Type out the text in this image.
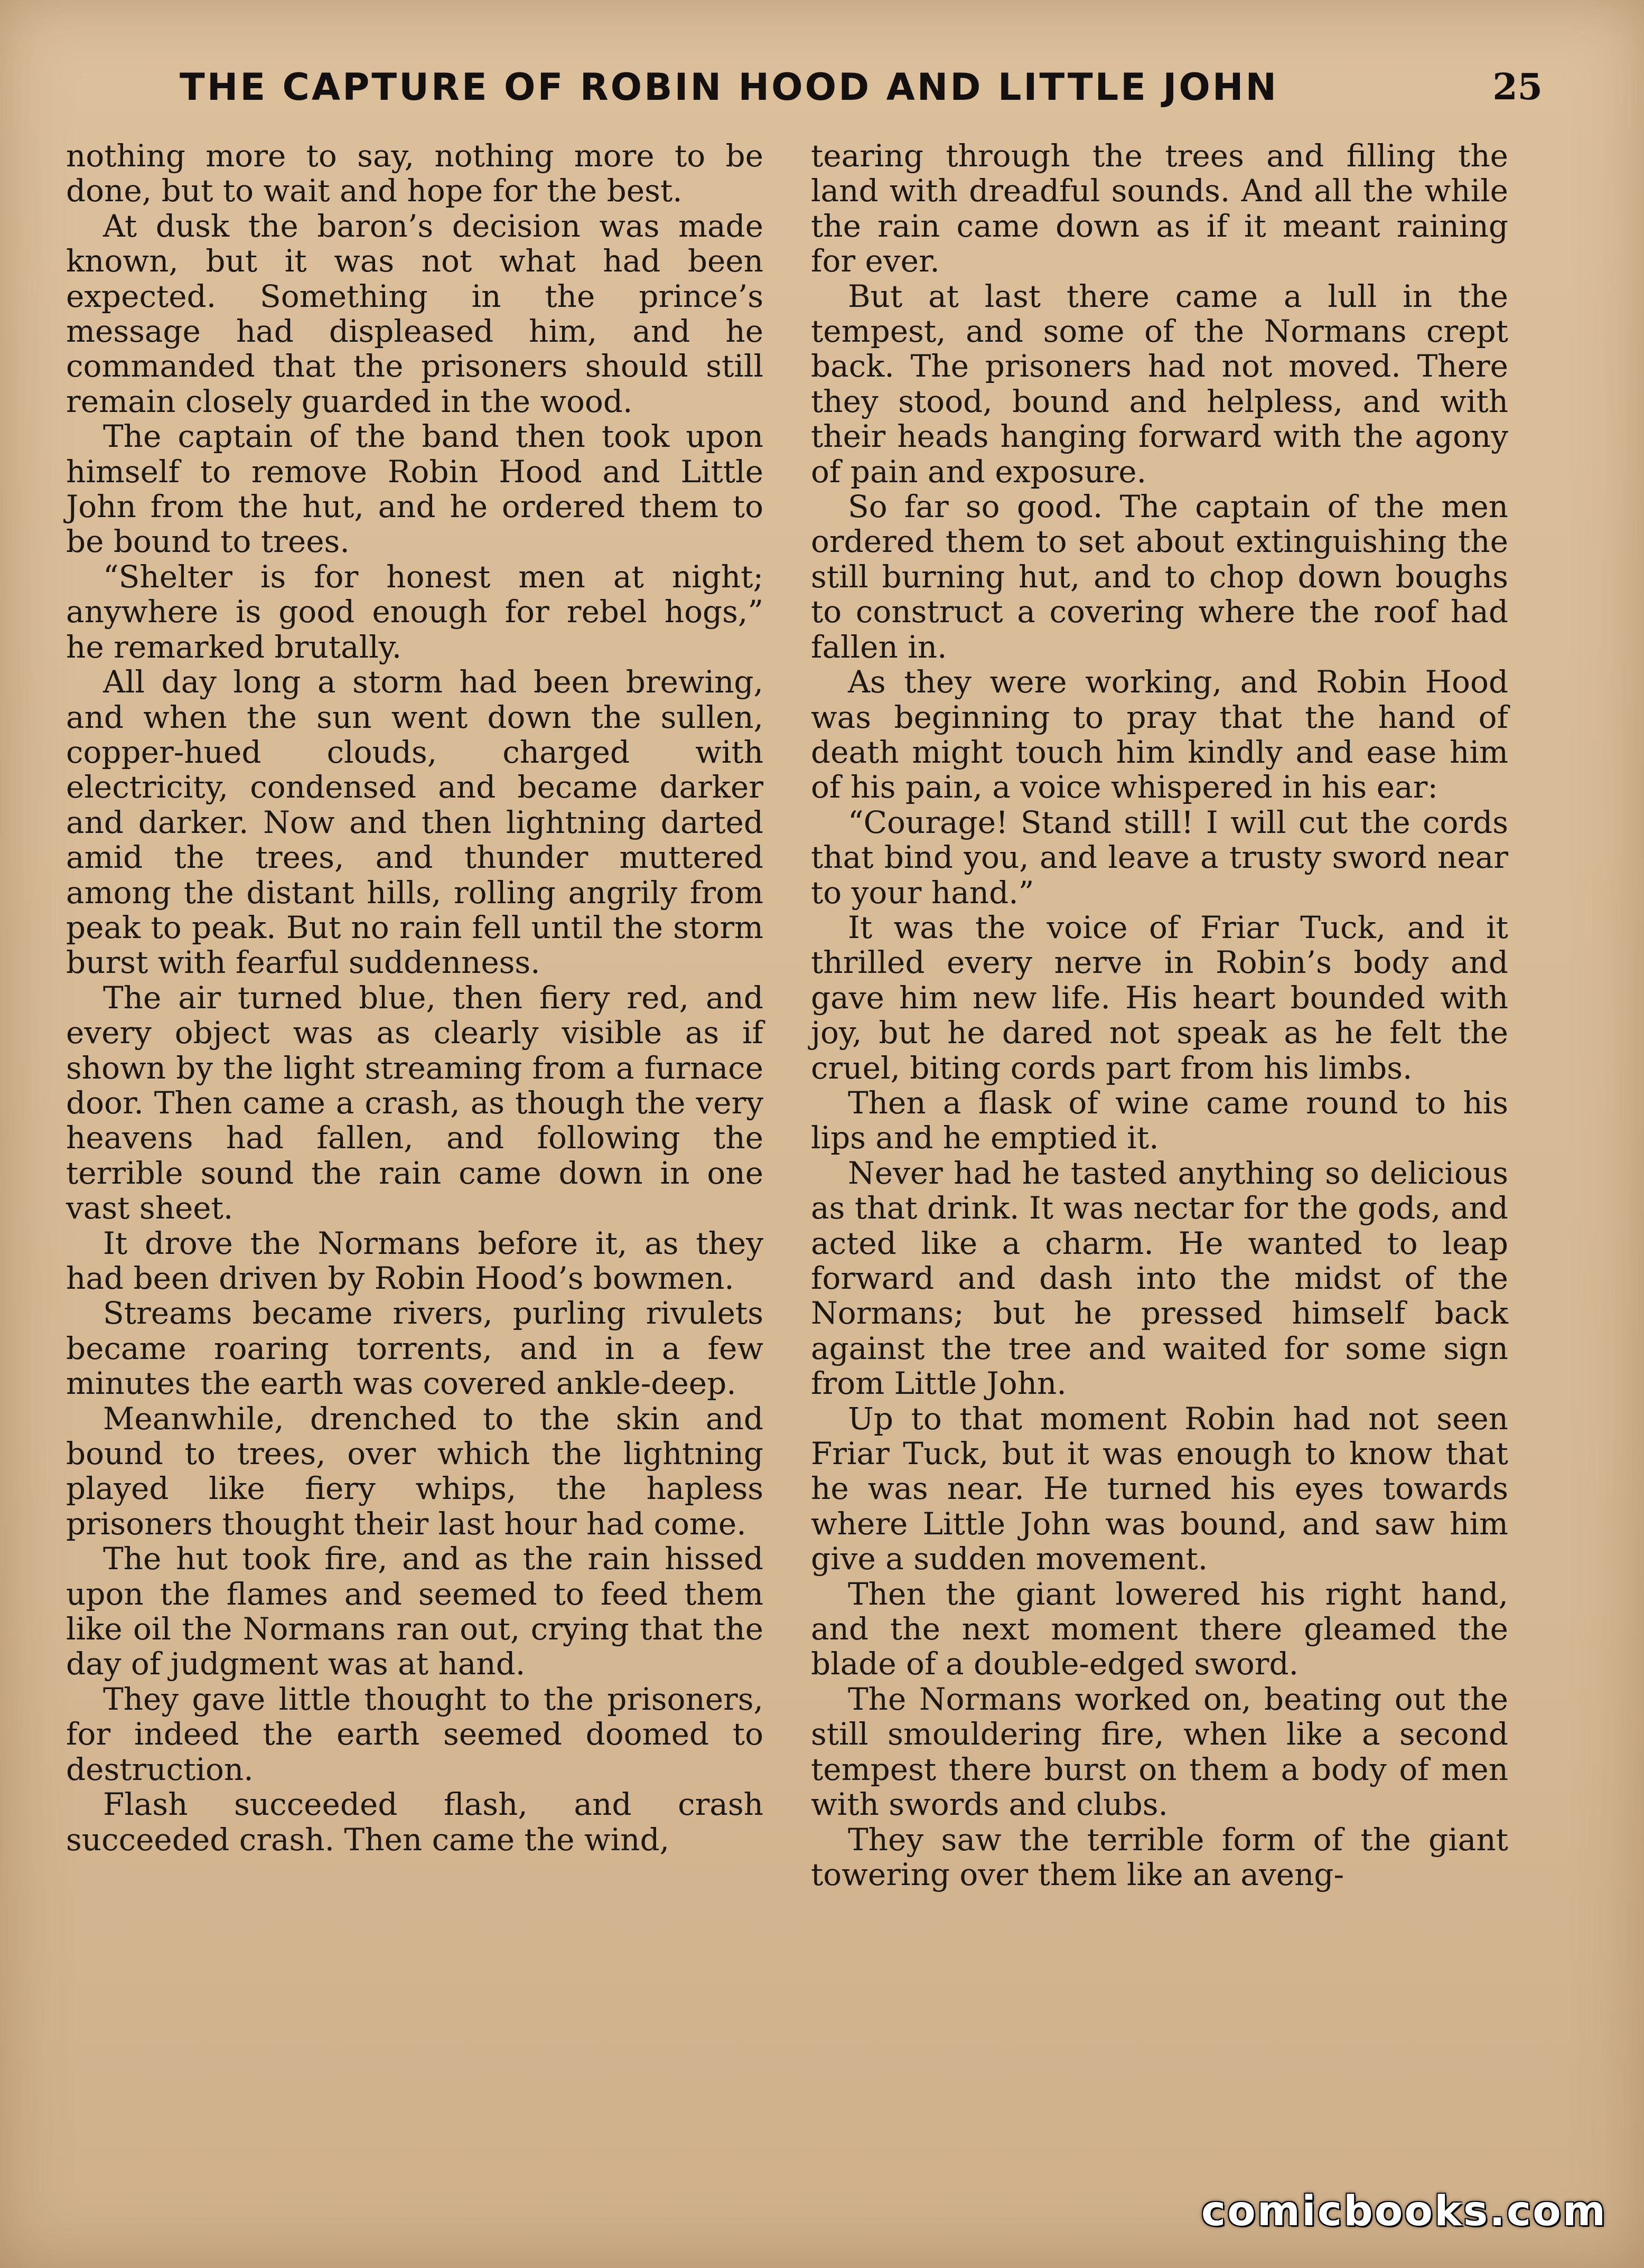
THE CAPTURE OF ROBIN HOOD AND LITTLE JOHN	25

nothing more to say, nothing more to be done, but to wait and hope for the best.

At dusk the baron’s decision was made known, but it was not what had been expected. Something in the prince’s message had displeased him, and he commanded that the prisoners should still remain closely guarded in the wood.

The captain of the band then took upon himself to remove Robin Hood and Little John from the hut, and he ordered them to be bound to trees.

“Shelter is for honest men at night; anywhere is good enough for rebel hogs,” he remarked brutally.

All day long a storm had been brewing, and when the sun went down the sullen, copper-hued clouds, charged with electricity, condensed and became darker and darker. Now and then lightning darted amid the trees, and thunder muttered among the distant hills, rolling angrily from peak to peak. But no rain fell until the storm burst with fearful suddenness.

The air turned blue, then fiery red, and every object was as clearly visible as if shown by the light streaming from a furnace door. Then came a crash, as though the very heavens had fallen, and following the terrible sound the rain came down in one vast sheet.

It drove the Normans before it, as they had been driven by Robin Hood’s bowmen.

Streams became rivers, purling rivulets became roaring torrents, and in a few minutes the earth was covered ankle-deep.

Meanwhile, drenched to the skin and bound to trees, over which the lightning played like fiery whips, the hapless prisoners thought their last hour had come.

The hut took fire, and as the rain hissed upon the flames and seemed to feed them like oil the Normans ran out, crying that the day of judgment was at hand.

They gave little thought to the prisoners, for indeed the earth seemed doomed to destruction.

Flash succeeded flash, and crash succeeded crash. Then came the wind,

tearing through the trees and filling the land with dreadful sounds. And all the while the rain came down as if it meant raining for ever.

But at last there came a lull in the tempest, and some of the Normans crept back. The prisoners had not moved. There they stood, bound and helpless, and with their heads hanging forward with the agony of pain and exposure.

So far so good. The captain of the men ordered them to set about extinguishing the still burning hut, and to chop down boughs to construct a covering where the roof had fallen in.

As they were working, and Robin Hood was beginning to pray that the hand of death might touch him kindly and ease him of his pain, a voice whispered in his ear:

“Courage! Stand still! I will cut the cords that bind you, and leave a trusty sword near to your hand.”

It was the voice of Friar Tuck, and it thrilled every nerve in Robin’s body and gave him new life. His heart bounded with joy, but he dared not speak as he felt the cruel, biting cords part from his limbs.

Then a flask of wine came round to his lips and he emptied it.

Never had he tasted anything so delicious as that drink. It was nectar for the gods, and acted like a charm. He wanted to leap forward and dash into the midst of the Normans; but he pressed himself back against the tree and waited for some sign from Little John.

Up to that moment Robin had not seen Friar Tuck, but it was enough to know that he was near. He turned his eyes towards where Little John was bound, and saw him give a sudden movement.

Then the giant lowered his right hand, and the next moment there gleamed the blade of a double-edged sword.

The Normans worked on, beating out the still smouldering fire, when like a second tempest there burst on them a body of men with swords and clubs.

They saw the terrible form of the giant towering over them like an aveng-

comicbooks.com
